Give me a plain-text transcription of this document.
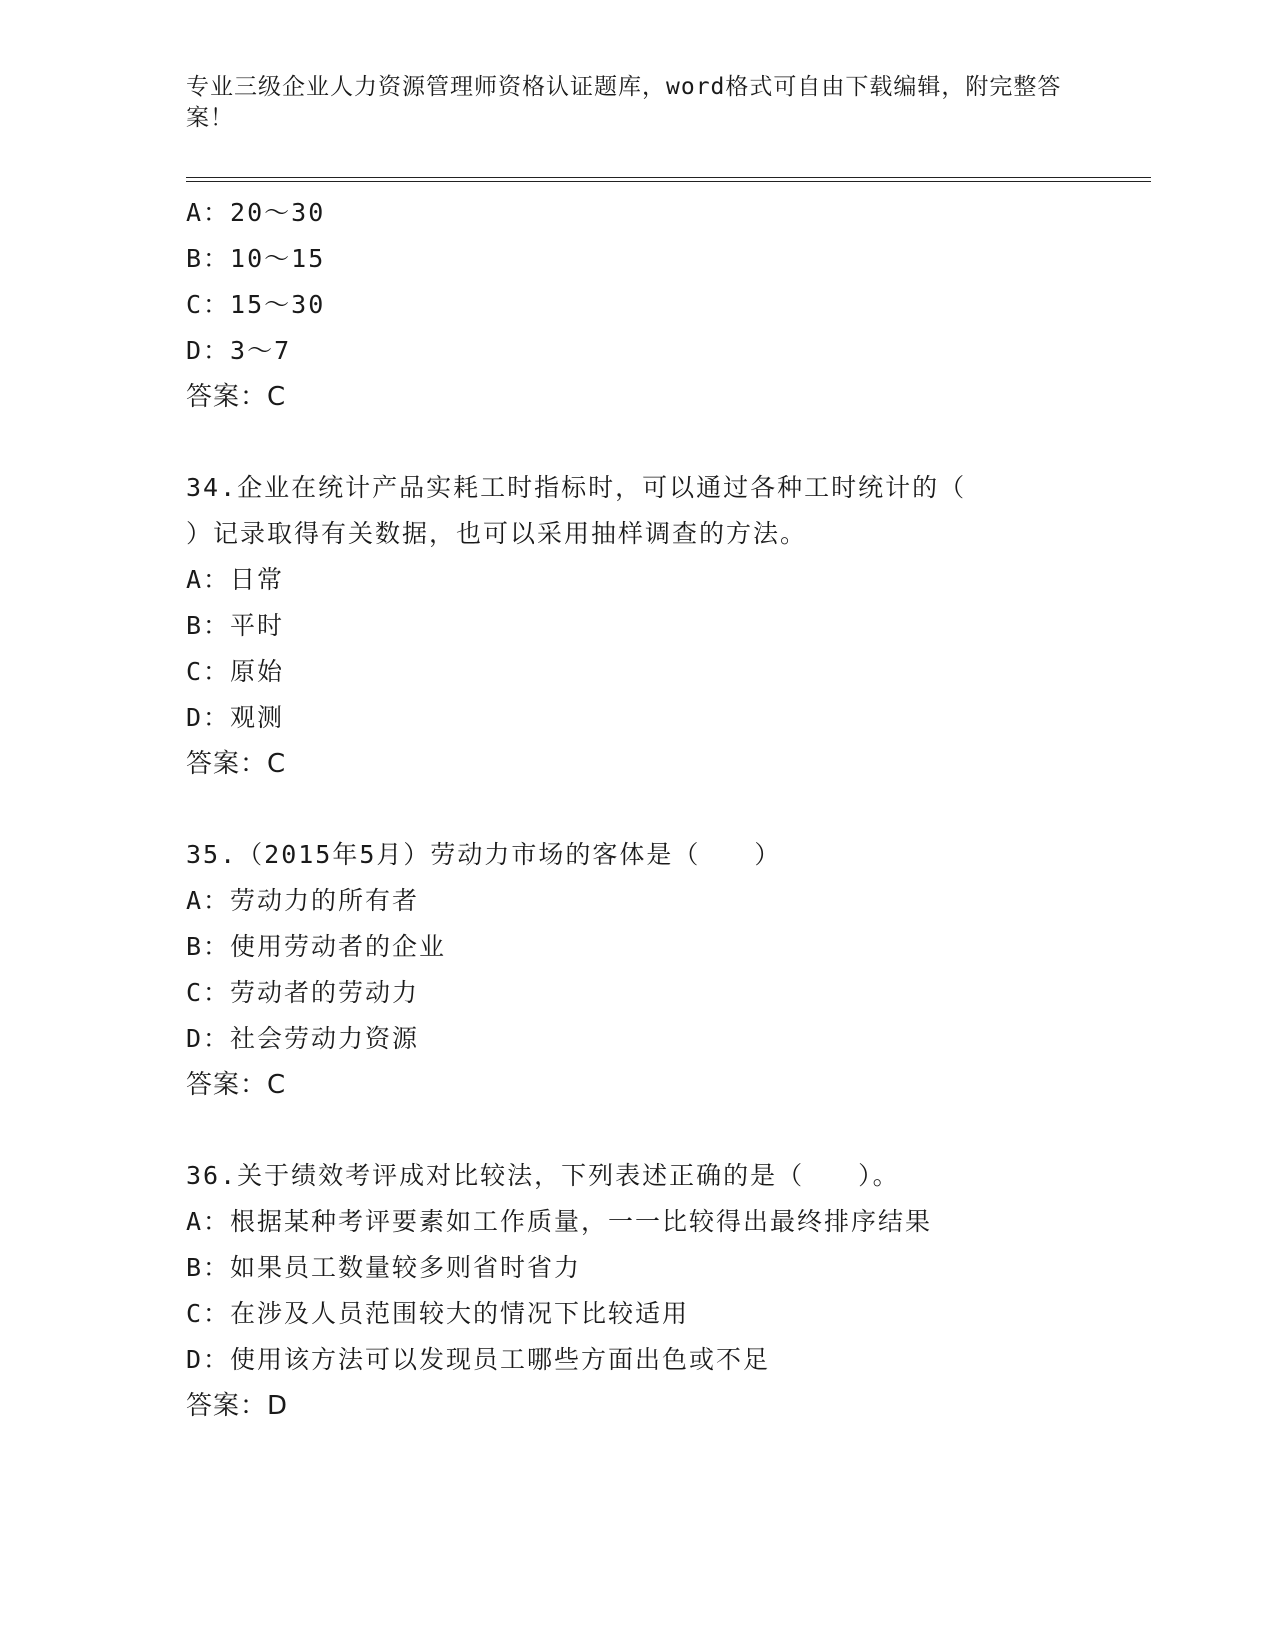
专业三级企业人力资源管理师资格认证题库，word格式可自由下载编辑，附完整答案！
A：20～30
B：10～15
C：15～30
D：3～7
答案：C
34.企业在统计产品实耗工时指标时，可以通过各种工时统计的（
）记录取得有关数据，也可以采用抽样调查的方法。
A：日常
B：平时
C：原始
D：观测
答案：C
35.（2015年5月）劳动力市场的客体是（　　）
A：劳动力的所有者
B：使用劳动者的企业
C：劳动者的劳动力
D：社会劳动力资源
答案：C
36.关于绩效考评成对比较法，下列表述正确的是（　　）。
A：根据某种考评要素如工作质量，一一比较得出最终排序结果
B：如果员工数量较多则省时省力
C：在涉及人员范围较大的情况下比较适用
D：使用该方法可以发现员工哪些方面出色或不足
答案：D
